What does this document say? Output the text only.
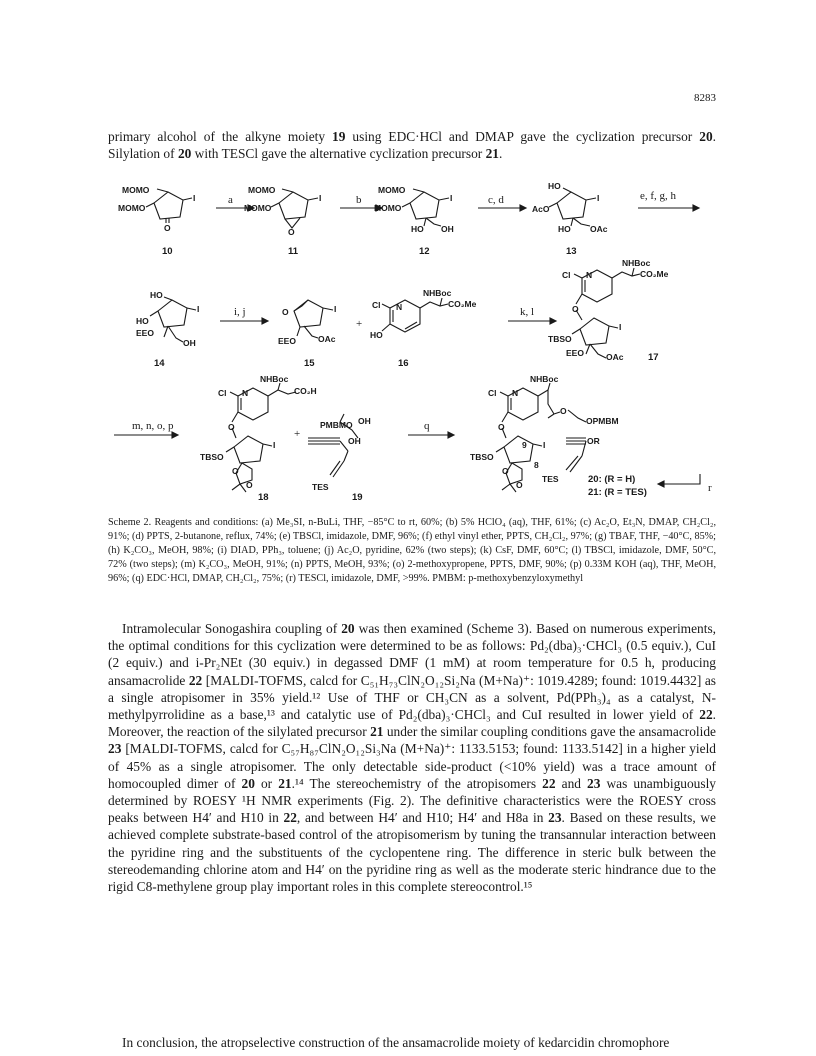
8283

primary alcohol of the alkyne moiety 19 using EDC·HCl and DMAP gave the cyclization precursor 20. Silylation of 20 with TESCl gave the alternative cyclization precursor 21.

MOMO
MOMO
I
O
10
a
MOMO
MOMO
I
O
11
b
MOMO
MOMO
I
HO OH
12
c, d
HO
AcO
I
HO OAc
13
e, f, g, h
HO
I
HO
EEO
OH
14
i, j	O	I
EEO	OAc
15
+
NHBoc
Cl N	CO₂Me
HO
16
k, l
NHBoc
Cl N	CO₂Me
O
I
TBSO
EEO	OAc	17
NHBoc
Cl N	CO₂H
O
I
TBSO
O
O
18
m, n, o, p
+
PMBMO OH
OH
TES
19
q
NHBoc
Cl N
O
OPMBM
O
9 I	OR
TBSO
8
O
O
TES	20: (R = H)
21: (R = TES)	r

Scheme 2. Reagents and conditions: (a) Me₃SI, n-BuLi, THF, −85°C to rt, 60%; (b) 5% HClO₄ (aq), THF, 61%; (c) Ac₂O, Et₃N, DMAP, CH₂Cl₂, 91%; (d) PPTS, 2-butanone, reflux, 74%; (e) TBSCl, imidazole, DMF, 96%; (f) ethyl vinyl ether, PPTS, CH₂Cl₂, 97%; (g) TBAF, THF, −40°C, 85%; (h) K₂CO₃, MeOH, 98%; (i) DIAD, PPh₃, toluene; (j) Ac₂O, pyridine, 62% (two steps); (k) CsF, DMF, 60°C; (l) TBSCl, imidazole, DMF, 50°C, 72% (two steps); (m) K₂CO₃, MeOH, 91%; (n) PPTS, MeOH, 93%; (o) 2-methoxypropene, PPTS, DMF, 90%; (p) 0.33M KOH (aq), THF, MeOH, 96%; (q) EDC·HCl, DMAP, CH₂Cl₂, 75%; (r) TESCl, imidazole, DMF, >99%. PMBM: p-methoxybenzyloxymethyl

Intramolecular Sonogashira coupling of 20 was then examined (Scheme 3). Based on numerous experiments, the optimal conditions for this cyclization were determined to be as follows: Pd₂(dba)₃·CHCl₃ (0.5 equiv.), CuI (2 equiv.) and i-Pr₂NEt (30 equiv.) in degassed DMF (1 mM) at room temperature for 0.5 h, producing ansamacrolide 22 [MALDI-TOFMS, calcd for C₅₁H₇₃ClN₂O₁₂Si₂Na (M+Na)⁺: 1019.4289; found: 1019.4432] as a single atropisomer in 35% yield.¹² Use of THF or CH₃CN as a solvent, Pd(PPh₃)₄ as a catalyst, N-methylpyrrolidine as a base,¹³ and catalytic use of Pd₂(dba)₃·CHCl₃ and CuI resulted in lower yield of 22. Moreover, the reaction of the silylated precursor 21 under the similar coupling conditions gave the ansamacrolide 23 [MALDI-TOFMS, calcd for C₅₇H₈₇ClN₂O₁₂Si₃Na (M+Na)⁺: 1133.5153; found: 1133.5142] in a higher yield of 45% as a single atropisomer. The only detectable side-product (<10% yield) was a trace amount of homocoupled dimer of 20 or 21.¹⁴ The stereochemistry of the atropisomers 22 and 23 was unambiguously determined by ROESY ¹H NMR experiments (Fig. 2). The definitive characteristics were the ROESY cross peaks between H4′ and H10 in 22, and between H4′ and H10; H4′ and H8a in 23. Based on these results, we achieved complete substrate-based control of the atropisomerism by tuning the transannular interaction between the pyridine ring and the substituents of the cyclopentene ring. The difference in steric bulk between the stereodemanding chlorine atom and H4′ on the pyridine ring as well as the moderate steric hindrance due to the rigid C8-methylene group play important roles in this complete stereocontrol.¹⁵

In conclusion, the atropselective construction of the ansamacrolide moiety of kedarcidin chromophore
